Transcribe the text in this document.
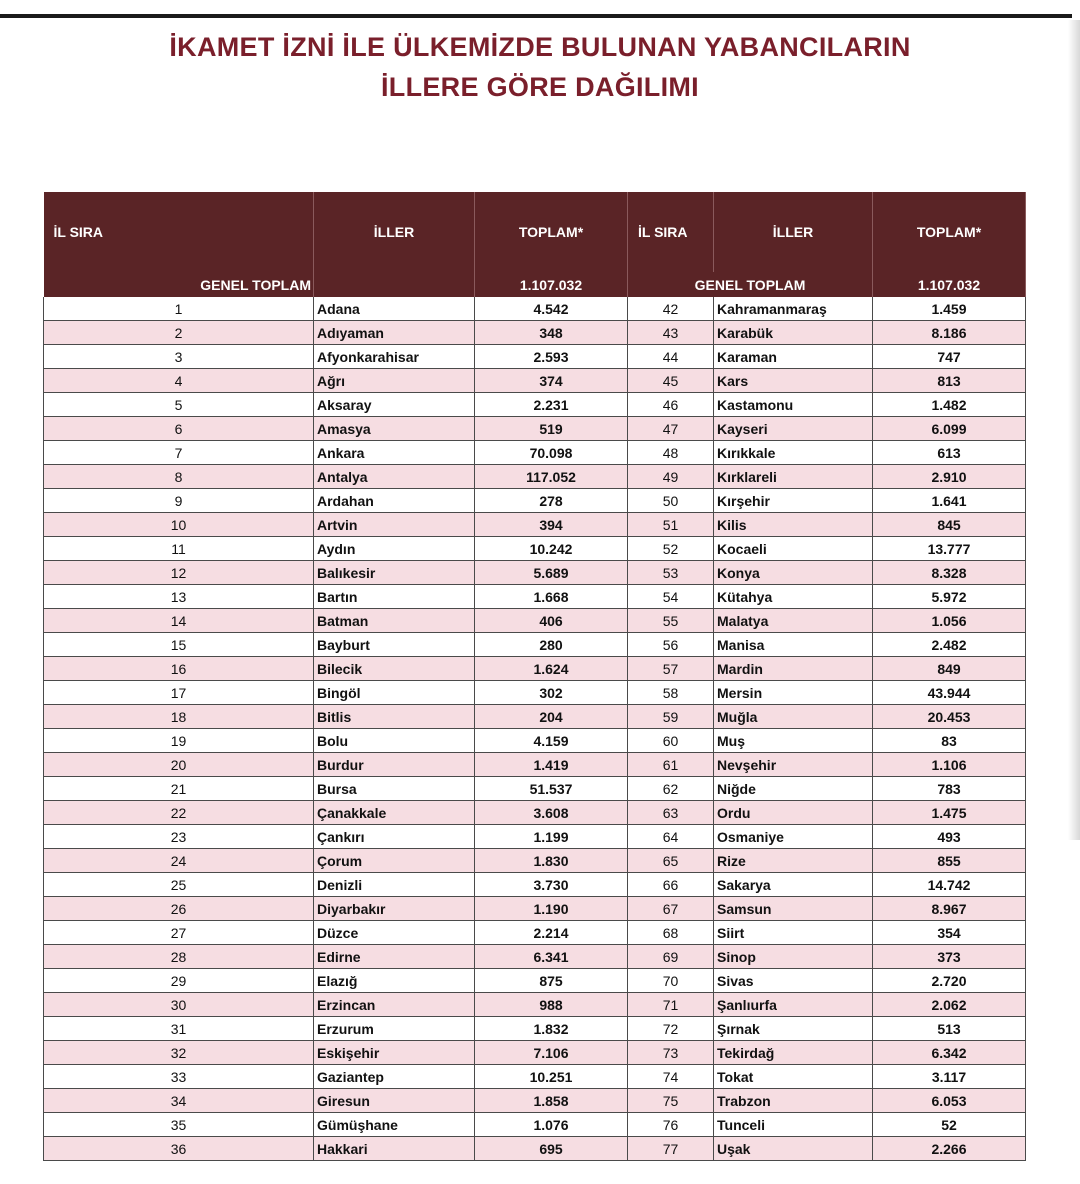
İKAMET İZNİ İLE ÜLKEMİZDE BULUNAN YABANCILARIN
İLLERE GÖRE DAĞILIMI
İL SIRA	İLLER	TOPLAM*	İL SIRA	İLLER	TOPLAM*
GENEL TOPLAM		1.107.032	GENEL TOPLAM		1.107.032
1	Adana	4.542	42	Kahramanmaraş	1.459
2	Adıyaman	348	43	Karabük	8.186
3	Afyonkarahisar	2.593	44	Karaman	747
4	Ağrı	374	45	Kars	813
5	Aksaray	2.231	46	Kastamonu	1.482
6	Amasya	519	47	Kayseri	6.099
7	Ankara	70.098	48	Kırıkkale	613
8	Antalya	117.052	49	Kırklareli	2.910
9	Ardahan	278	50	Kırşehir	1.641
10	Artvin	394	51	Kilis	845
11	Aydın	10.242	52	Kocaeli	13.777
12	Balıkesir	5.689	53	Konya	8.328
13	Bartın	1.668	54	Kütahya	5.972
14	Batman	406	55	Malatya	1.056
15	Bayburt	280	56	Manisa	2.482
16	Bilecik	1.624	57	Mardin	849
17	Bingöl	302	58	Mersin	43.944
18	Bitlis	204	59	Muğla	20.453
19	Bolu	4.159	60	Muş	83
20	Burdur	1.419	61	Nevşehir	1.106
21	Bursa	51.537	62	Niğde	783
22	Çanakkale	3.608	63	Ordu	1.475
23	Çankırı	1.199	64	Osmaniye	493
24	Çorum	1.830	65	Rize	855
25	Denizli	3.730	66	Sakarya	14.742
26	Diyarbakır	1.190	67	Samsun	8.967
27	Düzce	2.214	68	Siirt	354
28	Edirne	6.341	69	Sinop	373
29	Elazığ	875	70	Sivas	2.720
30	Erzincan	988	71	Şanlıurfa	2.062
31	Erzurum	1.832	72	Şırnak	513
32	Eskişehir	7.106	73	Tekirdağ	6.342
33	Gaziantep	10.251	74	Tokat	3.117
34	Giresun	1.858	75	Trabzon	6.053
35	Gümüşhane	1.076	76	Tunceli	52
36	Hakkari	695	77	Uşak	2.266
